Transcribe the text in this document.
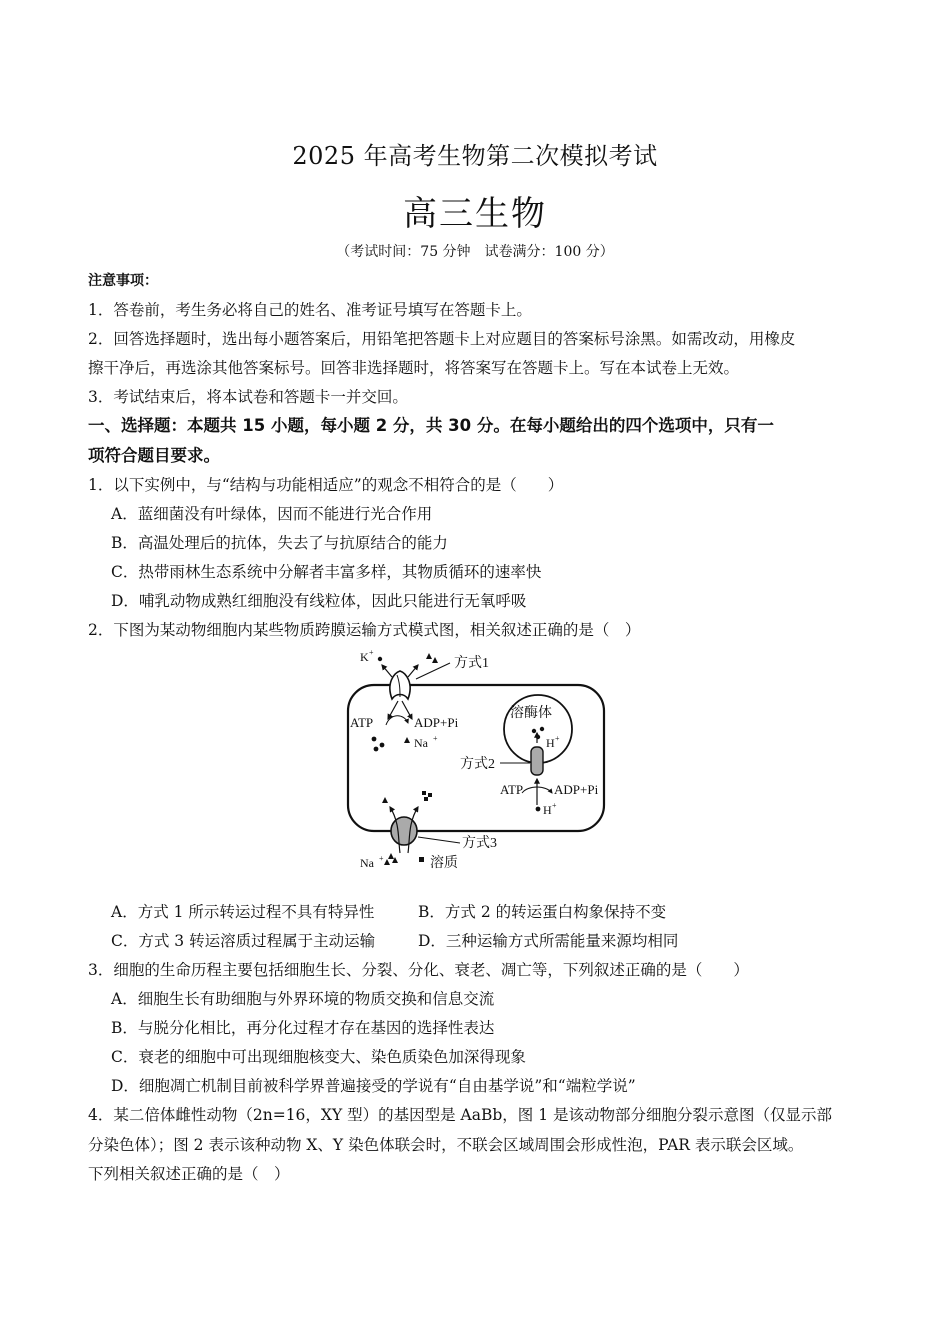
2025 年高考生物第二次模拟考试
高三生物
（考试时间：75 分钟　试卷满分：100 分）
注意事项：
1．答卷前，考生务必将自己的姓名、准考证号填写在答题卡上。
2．回答选择题时，选出每小题答案后，用铅笔把答题卡上对应题目的答案标号涂黑。如需改动，用橡皮
擦干净后，再选涂其他答案标号。回答非选择题时，将答案写在答题卡上。写在本试卷上无效。
3．考试结束后，将本试卷和答题卡一并交回。
一、选择题：本题共 15 小题，每小题 2 分，共 30 分。在每小题给出的四个选项中，只有一
项符合题目要求。
1．以下实例中，与“结构与功能相适应”的观念不相符合的是（　　）
A．蓝细菌没有叶绿体，因而不能进行光合作用
B．高温处理后的抗体，失去了与抗原结合的能力
C．热带雨林生态系统中分解者丰富多样，其物质循环的速率快
D．哺乳动物成熟红细胞没有线粒体，因此只能进行无氧呼吸
2．下图为某动物细胞内某些物质跨膜运输方式模式图，相关叙述正确的是（　）
K +
方式1
ATP	ADP+Pi
Na +
溶酶体
H +
方式2
ATP ADP+Pi
H +
方式3
Na +	溶质
A．方式 1 所示转运过程不具有特异性	B．方式 2 的转运蛋白构象保持不变
C．方式 3 转运溶质过程属于主动运输	D．三种运输方式所需能量来源均相同
3．细胞的生命历程主要包括细胞生长、分裂、分化、衰老、凋亡等，下列叙述正确的是（　　）
A．细胞生长有助细胞与外界环境的物质交换和信息交流
B．与脱分化相比，再分化过程才存在基因的选择性表达
C．衰老的细胞中可出现细胞核变大、染色质染色加深得现象
D．细胞凋亡机制目前被科学界普遍接受的学说有“自由基学说”和“端粒学说”
4．某二倍体雌性动物（2n=16，XY 型）的基因型是 AaBb，图 1 是该动物部分细胞分裂示意图（仅显示部
分染色体）；图 2 表示该种动物 X、Y 染色体联会时，不联会区域周围会形成性泡，PAR 表示联会区域。
下列相关叙述正确的是（　）
